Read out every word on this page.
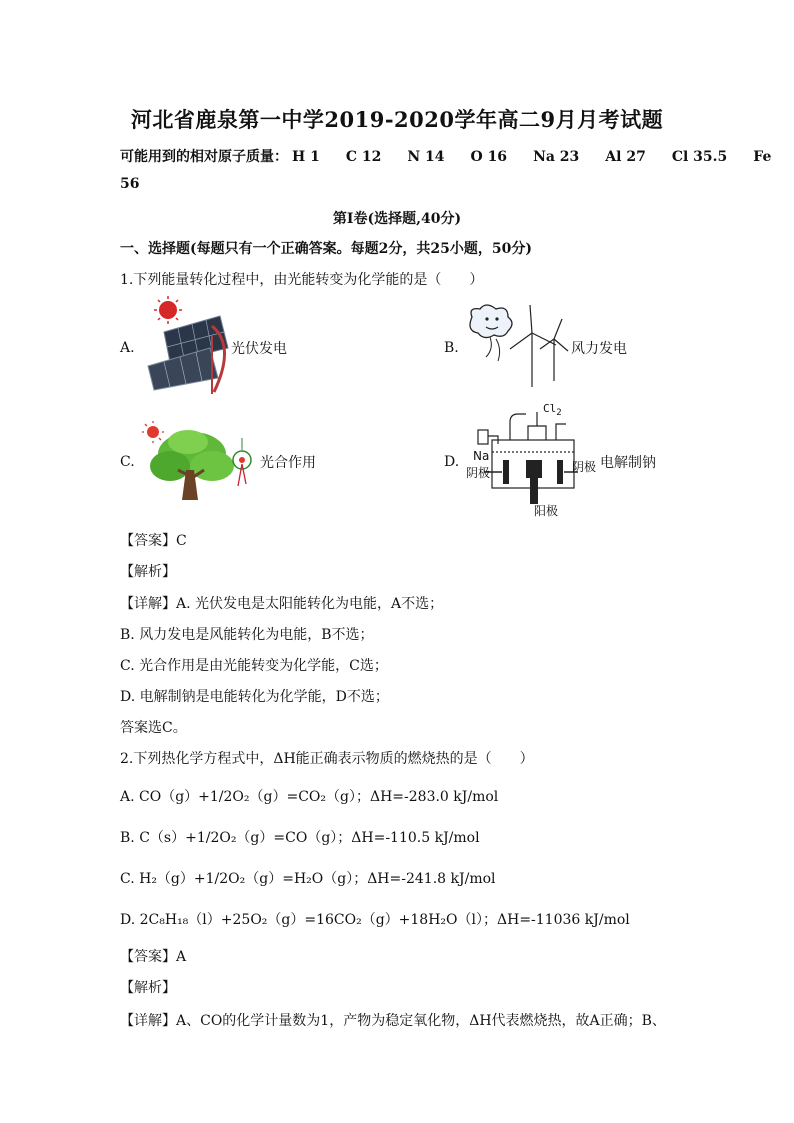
河北省鹿泉第一中学2019-2020学年高二9月月考试题
可能用到的相对原子质量： H 1 C 12 N 14 O 16 Na 23 Al 27 Cl 35.5 Fe
56
第Ⅰ卷(选择题,40分)
一、选择题(每题只有一个正确答案。每题2分，共25小题，50分)
1.下列能量转化过程中，由光能转变为化学能的是（　　）
A.	光伏发电	B.	风力发电
C.	光合作用	D.
$Cl_2$
Na
阴极	阴极
阳极
电解制钠
【答案】C
【解析】
【详解】A. 光伏发电是太阳能转化为电能，A不选；
B. 风力发电是风能转化为电能，B不选；
C. 光合作用是由光能转变为化学能，C选；
D. 电解制钠是电能转化为化学能，D不选；
答案选C。
2.下列热化学方程式中，ΔH能正确表示物质的燃烧热的是（　　）
A. CO（g）+1/2O₂（g）=CO₂（g）；ΔH=-283.0 kJ/mol
B. C（s）+1/2O₂（g）=CO（g）；ΔH=-110.5 kJ/mol
C. H₂（g）+1/2O₂（g）=H₂O（g）；ΔH=-241.8 kJ/mol
D. 2C₈H₁₈（l）+25O₂（g）=16CO₂（g）+18H₂O（l）；ΔH=-11036 kJ/mol
【答案】A
【解析】
【详解】A、CO的化学计量数为1，产物为稳定氧化物，ΔH代表燃烧热，故A正确；B、
